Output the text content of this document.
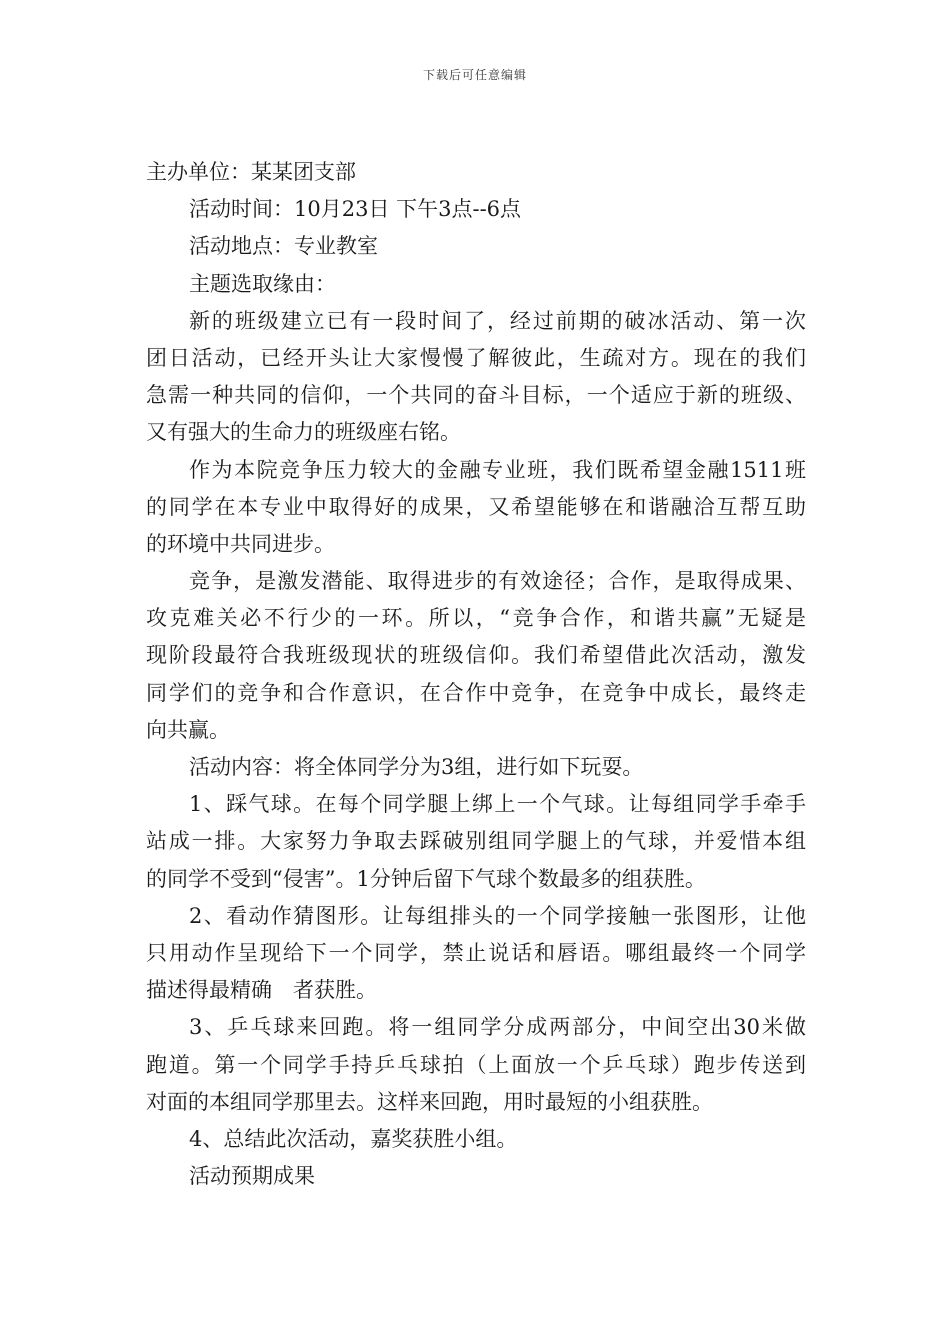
下载后可任意编辑
主办单位：某某团支部
活动时间：10月23日 下午3点--6点
活动地点：专业教室
主题选取缘由：
新的班级建立已有一段时间了，经过前期的破冰活动、第一次
团日活动，已经开头让大家慢慢了解彼此，生疏对方。现在的我们
急需一种共同的信仰，一个共同的奋斗目标，一个适应于新的班级、
又有强大的生命力的班级座右铭。
作为本院竞争压力较大的金融专业班，我们既希望金融1511班
的同学在本专业中取得好的成果，又希望能够在和谐融洽互帮互助
的环境中共同进步。
竞争，是激发潜能、取得进步的有效途径；合作，是取得成果、
攻克难关必不行少的一环。所以，“竞争合作，和谐共赢”无疑是
现阶段最符合我班级现状的班级信仰。我们希望借此次活动，激发
同学们的竞争和合作意识，在合作中竞争，在竞争中成长，最终走
向共赢。
活动内容：将全体同学分为3组，进行如下玩耍。
1、踩气球。在每个同学腿上绑上一个气球。让每组同学手牵手
站成一排。大家努力争取去踩破别组同学腿上的气球，并爱惜本组
的同学不受到“侵害”。1分钟后留下气球个数最多的组获胜。
2、看动作猜图形。让每组排头的一个同学接触一张图形，让他
只用动作呈现给下一个同学，禁止说话和唇语。哪组最终一个同学
描述得最精确　者获胜。
3、乒乓球来回跑。将一组同学分成两部分，中间空出30米做
跑道。第一个同学手持乒乓球拍（上面放一个乒乓球）跑步传送到
对面的本组同学那里去。这样来回跑，用时最短的小组获胜。
4、总结此次活动，嘉奖获胜小组。
活动预期成果
